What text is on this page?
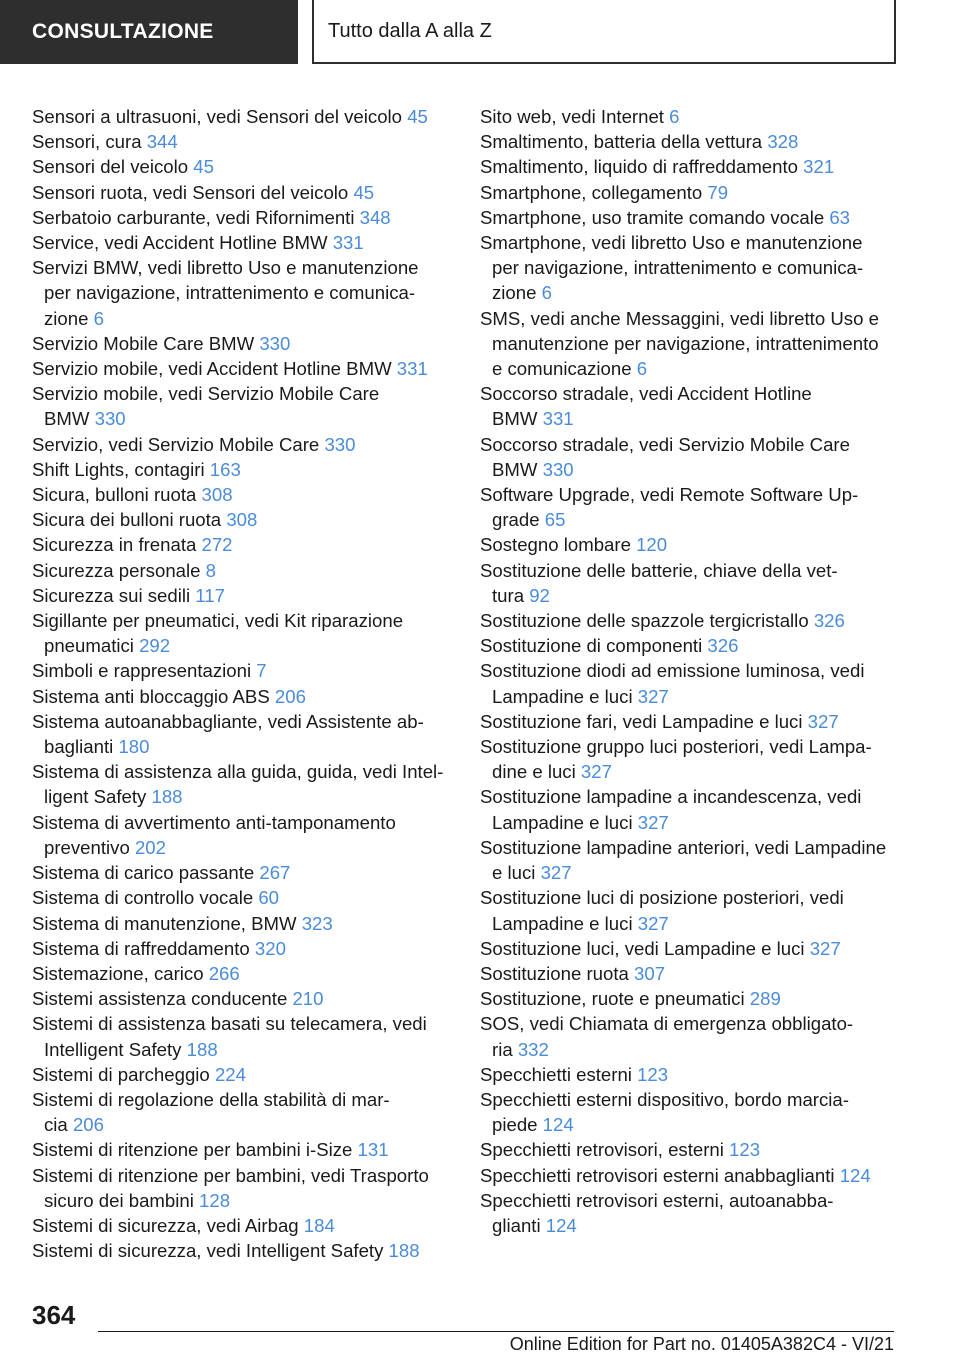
CONSULTAZIONE	Tutto dalla A alla Z
Sensori a ultrasuoni, vedi Sensori del veicolo 45
Sensori, cura 344
Sensori del veicolo 45
Sensori ruota, vedi Sensori del veicolo 45
Serbatoio carburante, vedi Rifornimenti 348
Service, vedi Accident Hotline BMW 331
Servizi BMW, vedi libretto Uso e manutenzione
per navigazione, intrattenimento e comunica-
zione 6
Servizio Mobile Care BMW 330
Servizio mobile, vedi Accident Hotline BMW 331
Servizio mobile, vedi Servizio Mobile Care
BMW 330
Servizio, vedi Servizio Mobile Care 330
Shift Lights, contagiri 163
Sicura, bulloni ruota 308
Sicura dei bulloni ruota 308
Sicurezza in frenata 272
Sicurezza personale 8
Sicurezza sui sedili 117
Sigillante per pneumatici, vedi Kit riparazione
pneumatici 292
Simboli e rappresentazioni 7
Sistema anti bloccaggio ABS 206
Sistema autoanabbagliante, vedi Assistente ab-
baglianti 180
Sistema di assistenza alla guida, guida, vedi Intel-
ligent Safety 188
Sistema di avvertimento anti-tamponamento
preventivo 202
Sistema di carico passante 267
Sistema di controllo vocale 60
Sistema di manutenzione, BMW 323
Sistema di raffreddamento 320
Sistemazione, carico 266
Sistemi assistenza conducente 210
Sistemi di assistenza basati su telecamera, vedi
Intelligent Safety 188
Sistemi di parcheggio 224
Sistemi di regolazione della stabilità di mar-
cia 206
Sistemi di ritenzione per bambini i-Size 131
Sistemi di ritenzione per bambini, vedi Trasporto
sicuro dei bambini 128
Sistemi di sicurezza, vedi Airbag 184
Sistemi di sicurezza, vedi Intelligent Safety 188
Sito web, vedi Internet 6
Smaltimento, batteria della vettura 328
Smaltimento, liquido di raffreddamento 321
Smartphone, collegamento 79
Smartphone, uso tramite comando vocale 63
Smartphone, vedi libretto Uso e manutenzione
per navigazione, intrattenimento e comunica-
zione 6
SMS, vedi anche Messaggini, vedi libretto Uso e
manutenzione per navigazione, intrattenimento
e comunicazione 6
Soccorso stradale, vedi Accident Hotline
BMW 331
Soccorso stradale, vedi Servizio Mobile Care
BMW 330
Software Upgrade, vedi Remote Software Up-
grade 65
Sostegno lombare 120
Sostituzione delle batterie, chiave della vet-
tura 92
Sostituzione delle spazzole tergicristallo 326
Sostituzione di componenti 326
Sostituzione diodi ad emissione luminosa, vedi
Lampadine e luci 327
Sostituzione fari, vedi Lampadine e luci 327
Sostituzione gruppo luci posteriori, vedi Lampa-
dine e luci 327
Sostituzione lampadine a incandescenza, vedi
Lampadine e luci 327
Sostituzione lampadine anteriori, vedi Lampadine
e luci 327
Sostituzione luci di posizione posteriori, vedi
Lampadine e luci 327
Sostituzione luci, vedi Lampadine e luci 327
Sostituzione ruota 307
Sostituzione, ruote e pneumatici 289
SOS, vedi Chiamata di emergenza obbligato-
ria 332
Specchietti esterni 123
Specchietti esterni dispositivo, bordo marcia-
piede 124
Specchietti retrovisori, esterni 123
Specchietti retrovisori esterni anabbaglianti 124
Specchietti retrovisori esterni, autoanabba-
glianti 124
364
Online Edition for Part no. 01405A382C4 - VI/21
